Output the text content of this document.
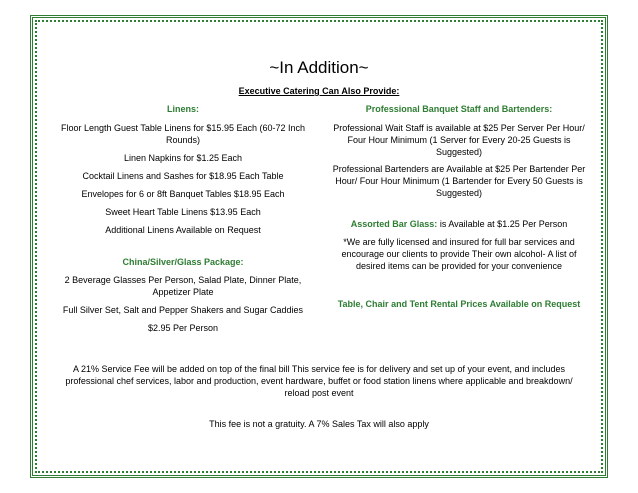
~In Addition~
Executive Catering Can Also Provide:

Linens:

Floor Length Guest Table Linens for $15.95 Each (60-72 Inch Rounds)

Linen Napkins for $1.25 Each

Cocktail Linens and Sashes for $18.95 Each Table

Envelopes for 6 or 8ft Banquet Tables $18.95 Each

Sweet Heart Table Linens $13.95 Each

Additional Linens Available on Request

China/Silver/Glass Package:

2 Beverage Glasses Per Person, Salad Plate, Dinner Plate, Appetizer Plate

Full Silver Set, Salt and Pepper Shakers and Sugar Caddies

$2.95 Per Person

Professional Banquet Staff and Bartenders:

Professional Wait Staff is available at $25 Per Server Per Hour/ Four Hour Minimum (1 Server for Every 20-25 Guests is Suggested)

Professional Bartenders are Available at $25 Per Bartender Per Hour/ Four Hour Minimum (1 Bartender for Every 50 Guests is Suggested)

Assorted Bar Glass: is Available at $1.25 Per Person

*We are fully licensed and insured for full bar services and encourage our clients to provide Their own alcohol- A list of desired items can be provided for your convenience

Table, Chair and Tent Rental Prices Available on Request

A 21% Service Fee will be added on top of the final bill This service fee is for delivery and set up of your event, and includes professional chef services, labor and production, event hardware, buffet or food station linens where applicable and breakdown/ reload post event
This fee is not a gratuity. A 7% Sales Tax will also apply
